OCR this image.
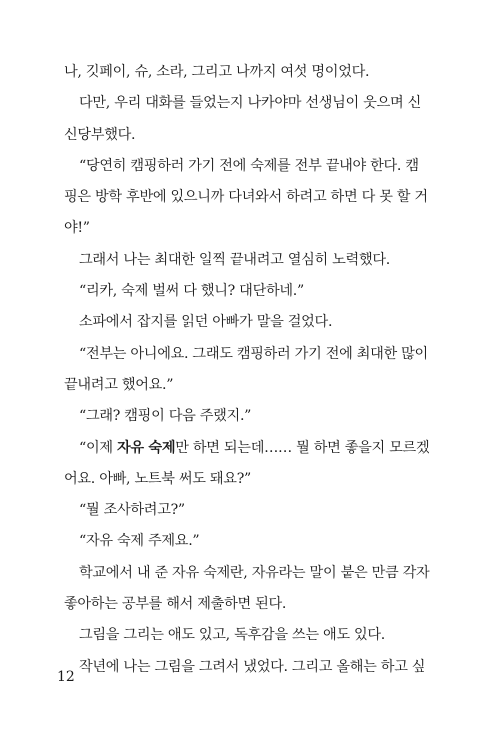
나, 깃페이, 슈, 소라, 그리고 나까지 여섯 명이었다.
다만, 우리 대화를 들었는지 나카야마 선생님이 웃으며 신
신당부했다.
“당연히 캠핑하러 가기 전에 숙제를 전부 끝내야 한다. 캠
핑은 방학 후반에 있으니까 다녀와서 하려고 하면 다 못 할 거
야!”
그래서 나는 최대한 일찍 끝내려고 열심히 노력했다.
“리카, 숙제 벌써 다 했니? 대단하네.”
소파에서 잡지를 읽던 아빠가 말을 걸었다.
“전부는 아니에요. 그래도 캠핑하러 가기 전에 최대한 많이
끝내려고 했어요.”
“그래? 캠핑이 다음 주랬지.”
“이제 자유 숙제만 하면 되는데…… 뭘 하면 좋을지 모르겠
어요. 아빠, 노트북 써도 돼요?”
“뭘 조사하려고?”
“자유 숙제 주제요.”
학교에서 내 준 자유 숙제란, 자유라는 말이 붙은 만큼 각자
좋아하는 공부를 해서 제출하면 된다.
그림을 그리는 애도 있고, 독후감을 쓰는 애도 있다.
작년에 나는 그림을 그려서 냈었다. 그리고 올해는 하고 싶
12
